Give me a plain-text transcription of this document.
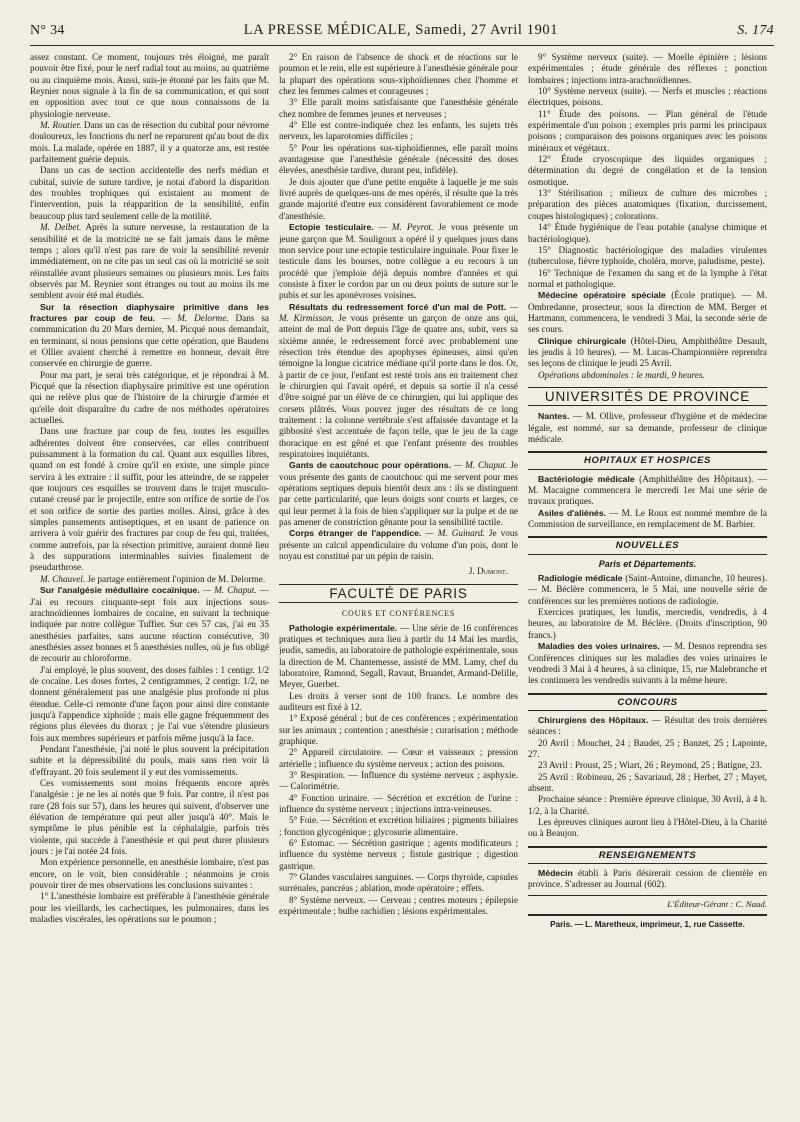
N° 34	LA PRESSE MÉDICALE, Samedi, 27 Avril 1901	S. 174

assez constant. Ce moment, toujours très éloigné, me paraît pouvoir être fixé, pour le nerf radial tout au moins, au quatrième ou au cinquième mois. Aussi, suis-je étonné par les faits que M. Reynier nous signale à la fin de sa communication, et qui sont en opposition avec tout ce que nous connaissons de la physiologie nerveuse.

M. Routier. Dans un cas de résection du cubital pour névrome douloureux, les fonctions du nerf ne reparurent qu'au bout de dix mois. La malade, opérée en 1887, il y a quatorze ans, est restée parfaitement guérie depuis.

Dans un cas de section accidentelle des nerfs médian et cubital, suivie de suture tardive, je notai d'abord la disparition des troubles trophiques qui existaient au moment de l'intervention, puis la réapparition de la sensibilité, enfin beaucoup plus tard seulement celle de la motilité.

M. Delbet. Après la suture nerveuse, la restauration de la sensibilité et de la motricité ne se fait jamais dans le même temps ; alors qu'il n'est pas rare de voir la sensibilité revenir immédiatement, on ne cite pas un seul cas où la motricité se soit réinstallée avant plusieurs semaines ou plusieurs mois. Les faits observés par M. Reynier sont étranges ou tout au moins ils me semblent avoir été mal étudiés.

Sur la résection diaphysaire primitive dans les fractures par coup de feu. — M. Delorme. Dans sa communication du 20 Mars dernier, M. Picqué nous demandait, en terminant, si nous pensions que cette opération, que Baudens et Ollier avaient cherché à remettre en honneur, devait être conservée en chirurgie de guerre.

Pour ma part, je serai très catégorique, et je répondrai à M. Picqué que la résection diaphysaire primitive est une opération qui ne relève plus que de l'histoire de la chirurgie d'armée et qu'elle doit disparaître du cadre de nos méthodes opératoires actuelles.

Dans une fracture par coup de feu, toutes les esquilles adhérentes doivent être conservées, car elles contribuent puissamment à la formation du cal. Quant aux esquilles libres, quand on est fondé à croire qu'il en existe, une simple pince servira à les extraire : il suffit, pour les atteindre, de se rappeler que toujours ces esquilles se trouvent dans le trajet musculo-cutané creusé par le projectile, entre son orifice de sortie de l'os et son orifice de sortie des parties molles. Ainsi, grâce à des simples pansements antiseptiques, et en usant de patience on arrivera à voir guérir des fractures par coup de feu qui, traitées, comme autrefois, par la résection primitive, auraient donné lieu à des suppurations interminables suivies finalement de pseudarthrose.

M. Chauvel. Je partage entièrement l'opinion de M. Delorme.

Sur l'analgésie médullaire cocaïnique. — M. Chaput. — J'ai eu recours cinquante-sept fois aux injections sous-arachnoïdiennes lombaires de cocaïne, en suivant la technique indiquée par notre collègue Tuffier. Sur ces 57 cas, j'ai eu 35 anesthésies parfaites, sans aucune réaction consécutive, 30 anesthésies assez bonnes et 5 anesthésies nulles, où je fus obligé de recourir au chloroforme.

J'ai employé, le plus souvent, des doses faibles : 1 centigr. 1/2 de cocaïne. Les doses fortes, 2 centigrammes, 2 centigr. 1/2, ne donnent généralement pas une analgésie plus profonde ni plus étendue. Celle-ci remonte d'une façon pour ainsi dire constante jusqu'à l'appendice xiphoïde ; mais elle gagne fréquemment des régions plus élevées du thorax ; je l'ai vue s'étendre plusieurs fois aux membres supérieurs et parfois même jusqu'à la face.

Pendant l'anesthésie, j'ai noté le plus souvent la précipitation subite et la dépressibilité du pouls, mais sans rien voir là d'effrayant. 20 fois seulement il y eut des vomissements.

Ces vomissements sont moins fréquents encore après l'analgésie : je ne les ai notés que 9 fois. Par contre, il n'est pas rare (28 fois sur 57), dans les heures qui suivent, d'observer une élévation de température qui peut aller jusqu'à 40°. Mais le symptôme le plus pénible est la céphalalgie, parfois très violente, qui succède à l'anesthésie et qui peut durer plusieurs jours : je l'ai notée 24 fois.

Mon expérience personnelle, en anesthésie lombaire, n'est pas encore, on le voit, bien considérable ; néanmoins je crois pouvoir tirer de mes observations les conclusions suivantes :

1° L'anesthésie lombaire est préférable à l'anesthésie générale pour les vieillards, les cachectiques, les pulmonaires, dans les maladies viscérales, les opérations sur le poumon ;

2° En raison de l'absence de shock et de réactions sur le poumon et le rein, elle est supérieure à l'anesthésie générale pour la plupart des opérations sous-xiphoïdiennes chez l'homme et chez les femmes calmes et courageuses ;

3° Elle paraît moins satisfaisante que l'anesthésie générale chez nombre de femmes jeunes et nerveuses ;

4° Elle est contre-indiquée chez les enfants, les sujets très nerveux, les laparotomies difficiles ;

5° Pour les opérations sus-xiphoïdiennes, elle paraît moins avantageuse que l'anesthésie générale (nécessité des doses élevées, anesthésie tardive, durant peu, infidèle).

Je dois ajouter que d'une petite enquête à laquelle je me suis livré auprès de quelques-uns de mes opérés, il résulte que la très grande majorité d'entre eux considèrent favorablement ce mode d'anesthésie.

Ectopie testiculaire. — M. Peyrot. Je vous présente un jeune garçon que M. Souligoux a opéré il y quelques jours dans mon service pour une ectopie testiculaire inguinale. Pour fixer le testicule dans les bourses, notre collègue a eu recours à un procédé que j'emploie déjà depuis nombre d'années et qui consiste à fixer le cordon par un ou deux points de suture sur le pubis et sur les aponévroses voisines.

Résultats du redressement forcé d'un mal de Pott. — M. Kirmisson. Je vous présente un garçon de onze ans qui, atteint de mal de Pott depuis l'âge de quatre ans, subit, vers sa sixième année, le redressement forcé avec probablement une résection très étendue des apophyses épineuses, ainsi qu'en témoigne la longue cicatrice médiane qu'il porte dans le dos. Or, à partir de ce jour, l'enfant est resté trois ans en traitement chez le chirurgien qui l'avait opéré, et depuis sa sortie il n'a cessé d'être soigné par un élève de ce chirurgien, qui lui applique des corsets plâtrés. Vous pouvez juger des résultats de ce long traitement : la colonne vertébrale s'est affaissée davantage et la gibbosité s'est accentuée de façon telle, que le jeu de la cage thoracique en est gêné et que l'enfant présente des troubles respiratoires inquiétants.

Gants de caoutchouc pour opérations. — M. Chaput. Je vous présente des gants de caoutchouc qui me servent pour mes opérations septiques depuis bientôt deux ans : ils se distinguent par cette particularité, que leurs doigts sont courts et larges, ce qui leur permet à la fois de bien s'appliquer sur la pulpe et de ne pas amener de constriction gênante pour la sensibilité tactile.

Corps étranger de l'appendice. — M. Guinard. Je vous présente un calcul appendiculaire du volume d'un pois, dont le noyau est constitué par un pépin de raisin.

J. Dumont.
FACULTÉ DE PARIS
COURS ET CONFÉRENCES

Pathologie expérimentale. — Une série de 16 conférences pratiques et techniques aura lieu à partir du 14 Mai les mardis, jeudis, samedis, au laboratoire de pathologie expérimentale, sous la direction de M. Chantemesse, assisté de MM. Lamy, chef du laboratoire, Ramond, Segall, Ravaut, Bruandet, Armand-Delille, Meyer, Guerbet.

Les droits à verser sont de 100 francs. Le nombre des auditeurs est fixé à 12.

1° Exposé général ; but de ces conférences ; expérimentation sur les animaux ; contention ; anesthésie ; curarisation ; méthode graphique.

2° Appareil circulatoire. — Cœur et vaisseaux ; pression artérielle ; influence du système nerveux ; action des poisons.

3° Respiration. — Influence du système nerveux ; asphyxie. — Calorimétrie.

4° Fonction urinaire. — Sécrétion et excrétion de l'urine : influence du système nerveux ; injections intra-veineuses.

5° Foie. — Sécrétion et excrétion biliaires ; pigments biliaires ; fonction glycogénique ; glycosurie alimentaire.

6° Estomac. — Sécrétion gastrique ; agents modificateurs ; influence du système nerveux ; fistule gastrique ; digestion gastrique.

7° Glandes vasculaires sanguines. — Corps thyroïde, capsules surrénales, pancréas ; ablation, mode opératoire ; effets.

8° Système nerveux. — Cerveau ; centres moteurs ; épilepsie expérimentale ; bulbe rachidien ; lésions expérimentales.

9° Système nerveux (suite). — Moelle épinière ; lésions expérimentales ; étude générale des réflexes ; ponction lombaires ; injections intra-arachnoïdiennes.

10° Système nerveux (suite). — Nerfs et muscles ; réactions électriques, poisons.

11° Étude des poisons. — Plan général de l'étude expérimentale d'un poison ; exemples pris parmi les principaux poisons ; comparaison des poisons organiques avec les poisons minéraux et végétaux.

12° Étude cryoscopique des liquides organiques ; détermination du degré de congélation et de la tension osmotique.

13° Stérilisation ; milieux de culture des microbes ; préparation des pièces anatomiques (fixation, durcissement, coupes histologiques) ; colorations.

14° Étude hygiénique de l'eau potable (analyse chimique et bactériologique).

15° Diagnostic bactériologique des maladies virulentes (tuberculose, fièvre typhoïde, choléra, morve, paludisme, peste).

16° Technique de l'examen du sang et de la lymphe à l'état normal et pathologique.

Médecine opératoire spéciale (École pratique). — M. Ombredanne, prosecteur, sous la direction de MM. Berger et Hartmann, commencera, le vendredi 3 Mai, la seconde série de ses cours.

Clinique chirurgicale (Hôtel-Dieu, Amphithéâtre Desault, les jeudis à 10 heures). — M. Lucas-Championnière reprendra ses leçons de clinique le jeudi 25 Avril.

Opérations abdominales : le mardi, 9 heures.

UNIVERSITÉS DE PROVINCE

Nantes. — M. Ollive, professeur d'hygiène et de médecine légale, est nommé, sur sa demande, professeur de clinique médicale.

HOPITAUX ET HOSPICES

Bactériologie médicale (Amphithéâtre des Hôpitaux). — M. Macaigne commencera le mercredi 1er Mai une série de travaux pratiques.

Asiles d'aliénés. — M. Le Roux est nommé membre de la Commission de surveillance, en remplacement de M. Barbier.

NOUVELLES
Paris et Départements.

Radiologie médicale (Saint-Antoine, dimanche, 10 heures). — M. Béclère commencera, le 5 Mai, une nouvelle série de conférences sur les premières notions de radiologie.

Exercices pratiques, les lundis, mercredis, vendredis, à 4 heures, au laboratoire de M. Béclère. (Droits d'inscription, 90 francs.)

Maladies des voies urinaires. — M. Desnos reprendra ses Conférences cliniques sur les maladies des voies urinaires le vendredi 3 Mai à 4 heures, à sa clinique, 15, rue Malebranche et les continuera les vendredis suivants à la même heure.

CONCOURS

Chirurgiens des Hôpitaux. — Résultat des trois dernières séances :

20 Avril : Mouchet, 24 ; Baudet, 25 ; Banzet, 25 ; Lapointe, 27.

23 Avril : Proust, 25 ; Wiart, 26 ; Reymond, 25 ; Batigne, 23.

25 Avril : Robineau, 26 ; Savariaud, 28 ; Herbet, 27 ; Mayet, absent.

Prochaine séance : Première épreuve clinique, 30 Avril, à 4 h. 1/2, à la Charité.

Les épreuves cliniques auront lieu à l'Hôtel-Dieu, à la Charité ou à Beaujon.

RENSEIGNEMENTS

Médecin établi à Paris désirerait cession de clientèle en province. S'adresser au Journal (602).

L'Éditeur-Gérant : C. Naud.
Paris. — L. Maretheux, imprimeur, 1, rue Cassette.
